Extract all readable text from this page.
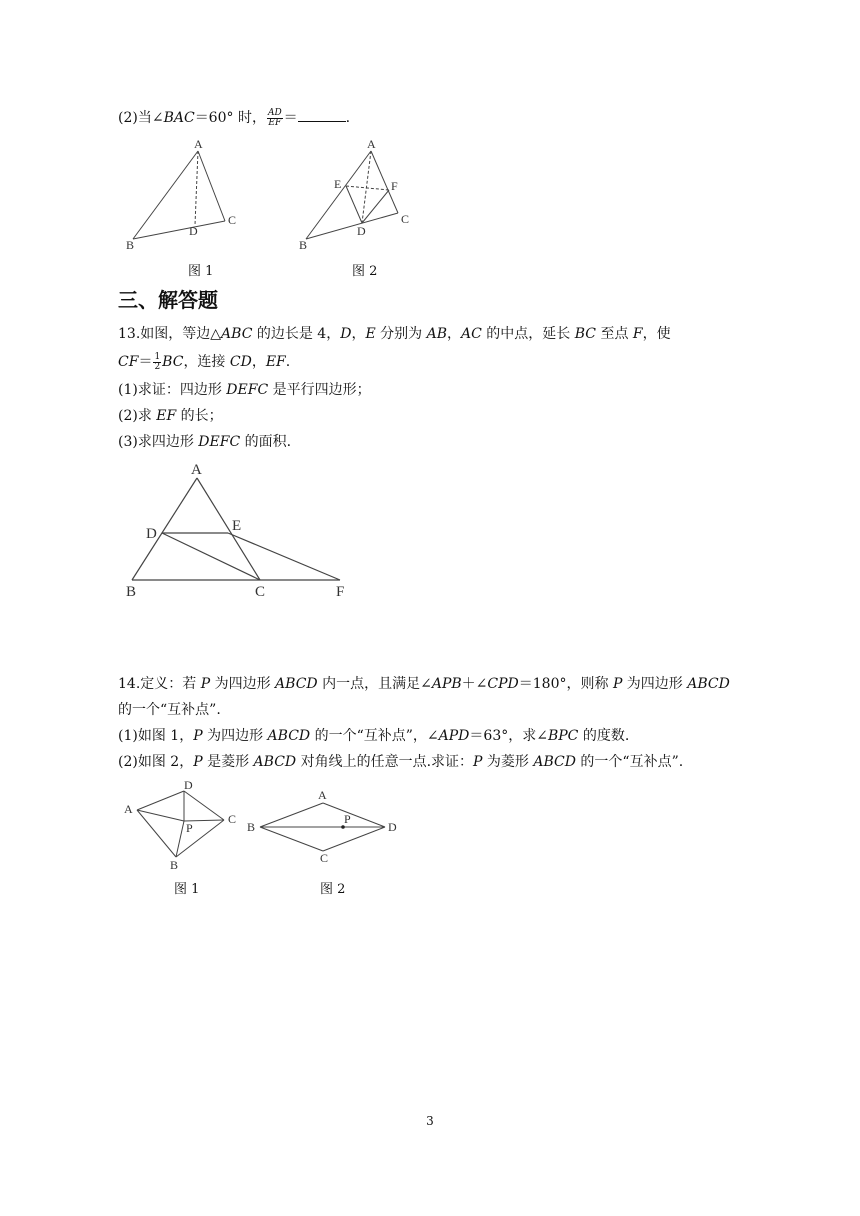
(2)当∠BAC＝60° 时， $\frac{AD}{EF}$ ＝	.
A
B
C
D
A
B
C
D
E	F
A
B	C
D	E
F
A
D
C
B
P
A
B	D
C
P
图 1	图 2
三、解答题
13.如图，等边△ABC 的边长是 4，D，E 分别为 AB，AC 的中点，延长 BC 至点 F，使
$CF= \frac{1}{2}$ BC，连接 CD，EF.
(1)求证：四边形 DEFC 是平行四边形；
(2)求 EF 的长；
(3)求四边形 DEFC 的面积.
14.定义：若 P 为四边形 ABCD 内一点，且满足∠APB＋∠CPD＝180°，则称 P 为四边形 ABCD
的一个“互补点”.
(1)如图 1，P 为四边形 ABCD 的一个“互补点”，∠APD＝63°，求∠BPC 的度数.
(2)如图 2，P 是菱形 ABCD 对角线上的任意一点.求证：P 为菱形 ABCD 的一个“互补点”.
图 1	图 2
3
